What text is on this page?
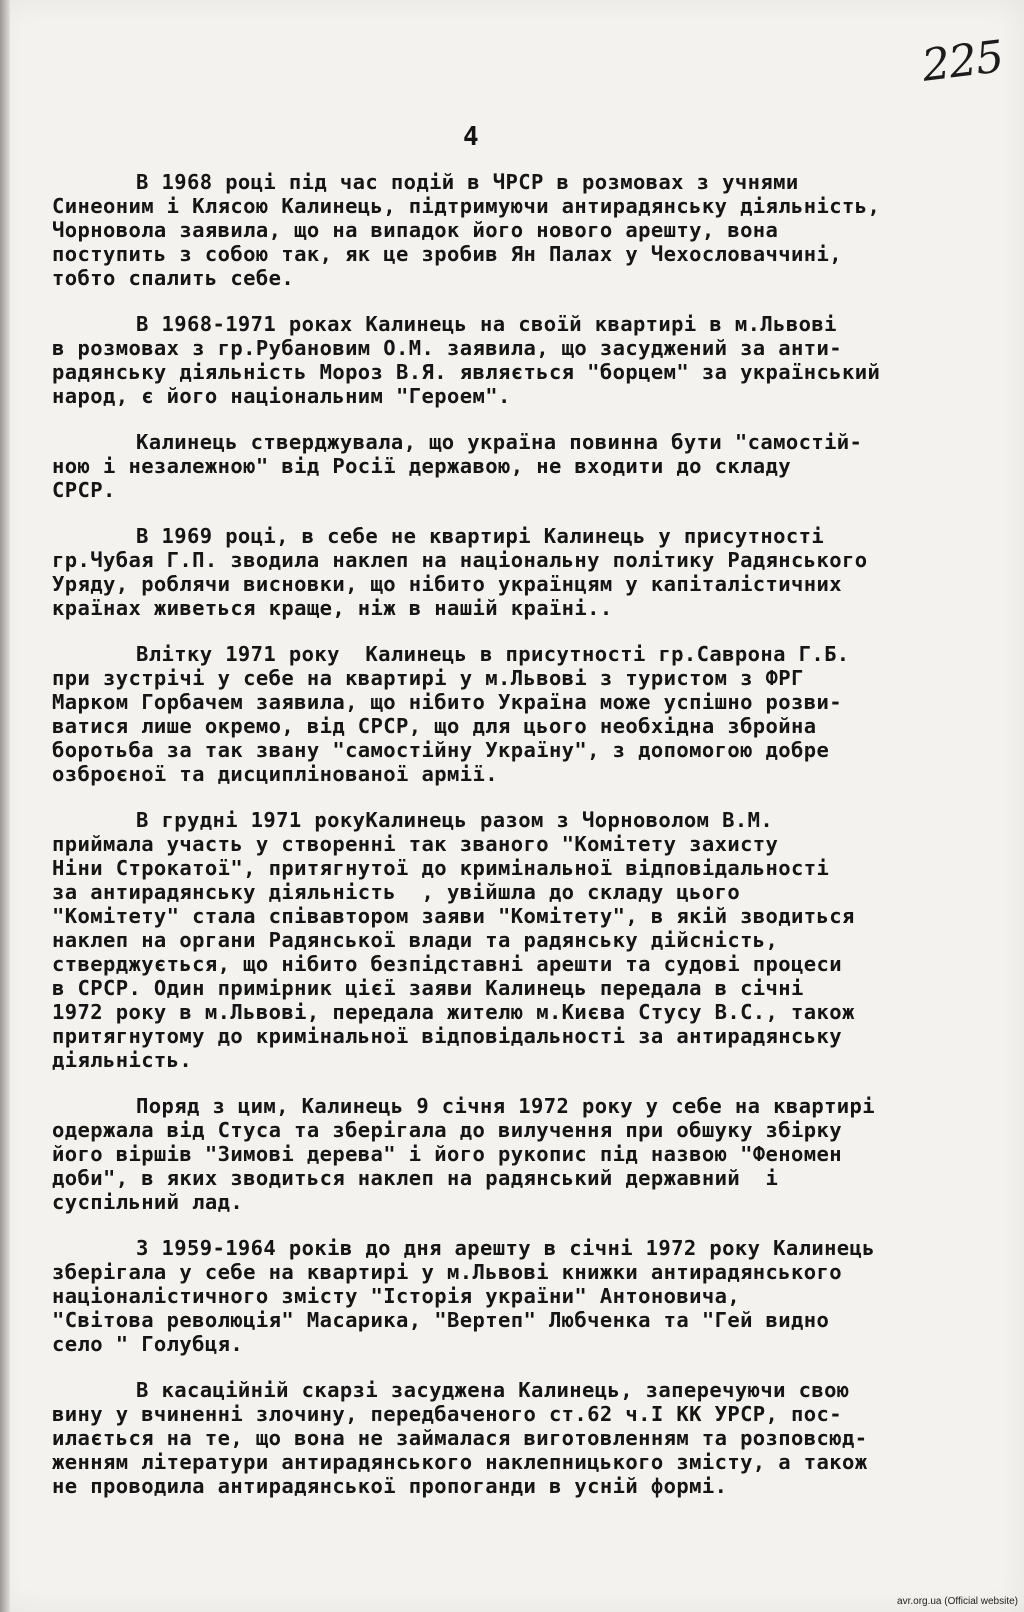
225
4
В 1968 році під час подій в ЧРСР в розмовах з учнями
Синеоним і Клясою Калинець, підтримуючи антирадянську діяльність,
Чорновола заявила, що на випадок його нового арешту, вона
поступить з собою так, як це зробив Ян Палах у Чехословаччині,
тобто спалить себе.
В 1968-1971 роках Калинець на своїй квартирі в м.Львові
в розмовах з гр.Рубановим О.М. заявила, що засуджений за анти-
радянську діяльність Мороз В.Я. являється "борцем" за український
народ, є його національним "Героем".
Калинець стверджувала, що україна повинна бути "самостій-
ною і незалежною" від Росії державою, не входити до складу
СРСР.
В 1969 році, в себе не квартирі Калинець у присутності
гр.Чубая Г.П. зводила наклеп на національну політику Радянського
Уряду, роблячи висновки, що нібито українцям у капіталістичних
країнах живеться краще, ніж в нашій країні..
Влітку 1971 року  Калинець в присутності гр.Саврона Г.Б.
при зустрічі у себе на квартирі у м.Львові з туристом з ФРГ
Марком Горбачем заявила, що нібито Україна може успішно розви-
ватися лише окремо, від СРСР, що для цього необхідна збройна
боротьба за так звану "самостійну Україну", з допомогою добре
озброєної та дисциплінованої армії.
В грудні 1971 рокуКалинець разом з Чорноволом В.М.
приймала участь у створенні так званого "Комітету захисту
Ніни Строкатої", притягнутої до кримінальної відповідальності
за антирадянську діяльність  , увійшла до складу цього
"Комітету" стала співавтором заяви "Комітету", в якій зводиться
наклеп на органи Радянської влади та радянську дійсність,
стверджується, що нібито безпідставні арешти та судові процеси
в СРСР. Один примірник цієї заяви Калинець передала в січні
1972 року в м.Львові, передала жителю м.Києва Стусу В.С., також
притягнутому до кримінальної відповідальності за антирадянську
діяльність.
Поряд з цим, Калинець 9 січня 1972 року у себе на квартирі
одержала від Стуса та зберігала до вилучення при обшуку збірку
його віршів "Зимові дерева" і його рукопис під назвою "Феномен
доби", в яких зводиться наклеп на радянський державний  і
суспільний лад.
З 1959-1964 років до дня арешту в січні 1972 року Калинець
зберігала у себе на квартирі у м.Львові книжки антирадянського
націоналістичного змісту "Історія україни" Антоновича,
"Світова революція" Масарика, "Вертеп" Любченка та "Гей видно
село " Голубця.
В касаційній скарзі засуджена Калинець, заперечуючи свою
вину у вчиненні злочину, передбаченого ст.62 ч.І КК УРСР, пос-
илається на те, що вона не займалася виготовленням та розповсюд-
женням літератури антирадянського наклепницького змісту, а також
не проводила антирадянської пропоганди в усній формі.
avr.org.ua (Official website)
